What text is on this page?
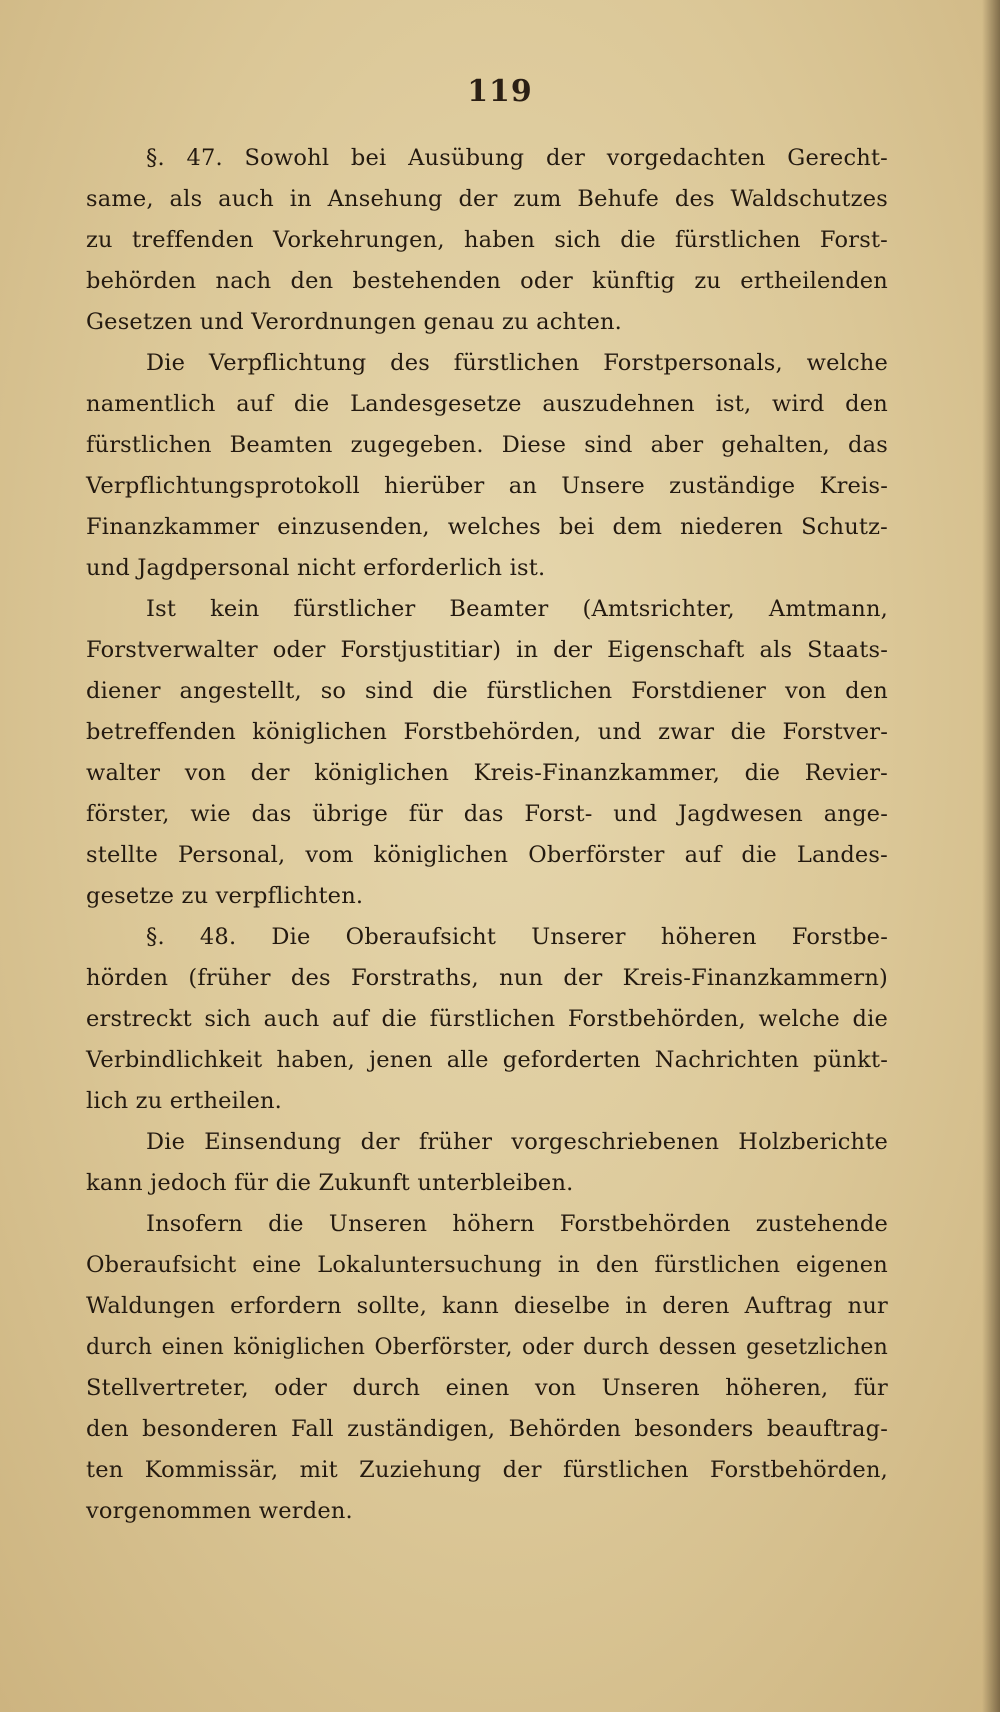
119
§. 47. Sowohl bei Ausübung der vorgedachten Gerecht-
same, als auch in Ansehung der zum Behufe des Waldschutzes
zu treffenden Vorkehrungen, haben sich die fürstlichen Forst-
behörden nach den bestehenden oder künftig zu ertheilenden
Gesetzen und Verordnungen genau zu achten.
Die Verpflichtung des fürstlichen Forstpersonals, welche
namentlich auf die Landesgesetze auszudehnen ist, wird den
fürstlichen Beamten zugegeben. Diese sind aber gehalten, das
Verpflichtungsprotokoll hierüber an Unsere zuständige Kreis-
Finanzkammer einzusenden, welches bei dem niederen Schutz-
und Jagdpersonal nicht erforderlich ist.
Ist kein fürstlicher Beamter (Amtsrichter, Amtmann,
Forstverwalter oder Forstjustitiar) in der Eigenschaft als Staats-
diener angestellt, so sind die fürstlichen Forstdiener von den
betreffenden königlichen Forstbehörden, und zwar die Forstver-
walter von der königlichen Kreis-Finanzkammer, die Revier-
förster, wie das übrige für das Forst- und Jagdwesen ange-
stellte Personal, vom königlichen Oberförster auf die Landes-
gesetze zu verpflichten.
§. 48. Die Oberaufsicht Unserer höheren Forstbe-
hörden (früher des Forstraths, nun der Kreis-Finanzkammern)
erstreckt sich auch auf die fürstlichen Forstbehörden, welche die
Verbindlichkeit haben, jenen alle geforderten Nachrichten pünkt-
lich zu ertheilen.
Die Einsendung der früher vorgeschriebenen Holzberichte
kann jedoch für die Zukunft unterbleiben.
Insofern die Unseren höhern Forstbehörden zustehende
Oberaufsicht eine Lokaluntersuchung in den fürstlichen eigenen
Waldungen erfordern sollte, kann dieselbe in deren Auftrag nur
durch einen königlichen Oberförster, oder durch dessen gesetzlichen
Stellvertreter, oder durch einen von Unseren höheren, für
den besonderen Fall zuständigen, Behörden besonders beauftrag-
ten Kommissär, mit Zuziehung der fürstlichen Forstbehörden,
vorgenommen werden.
